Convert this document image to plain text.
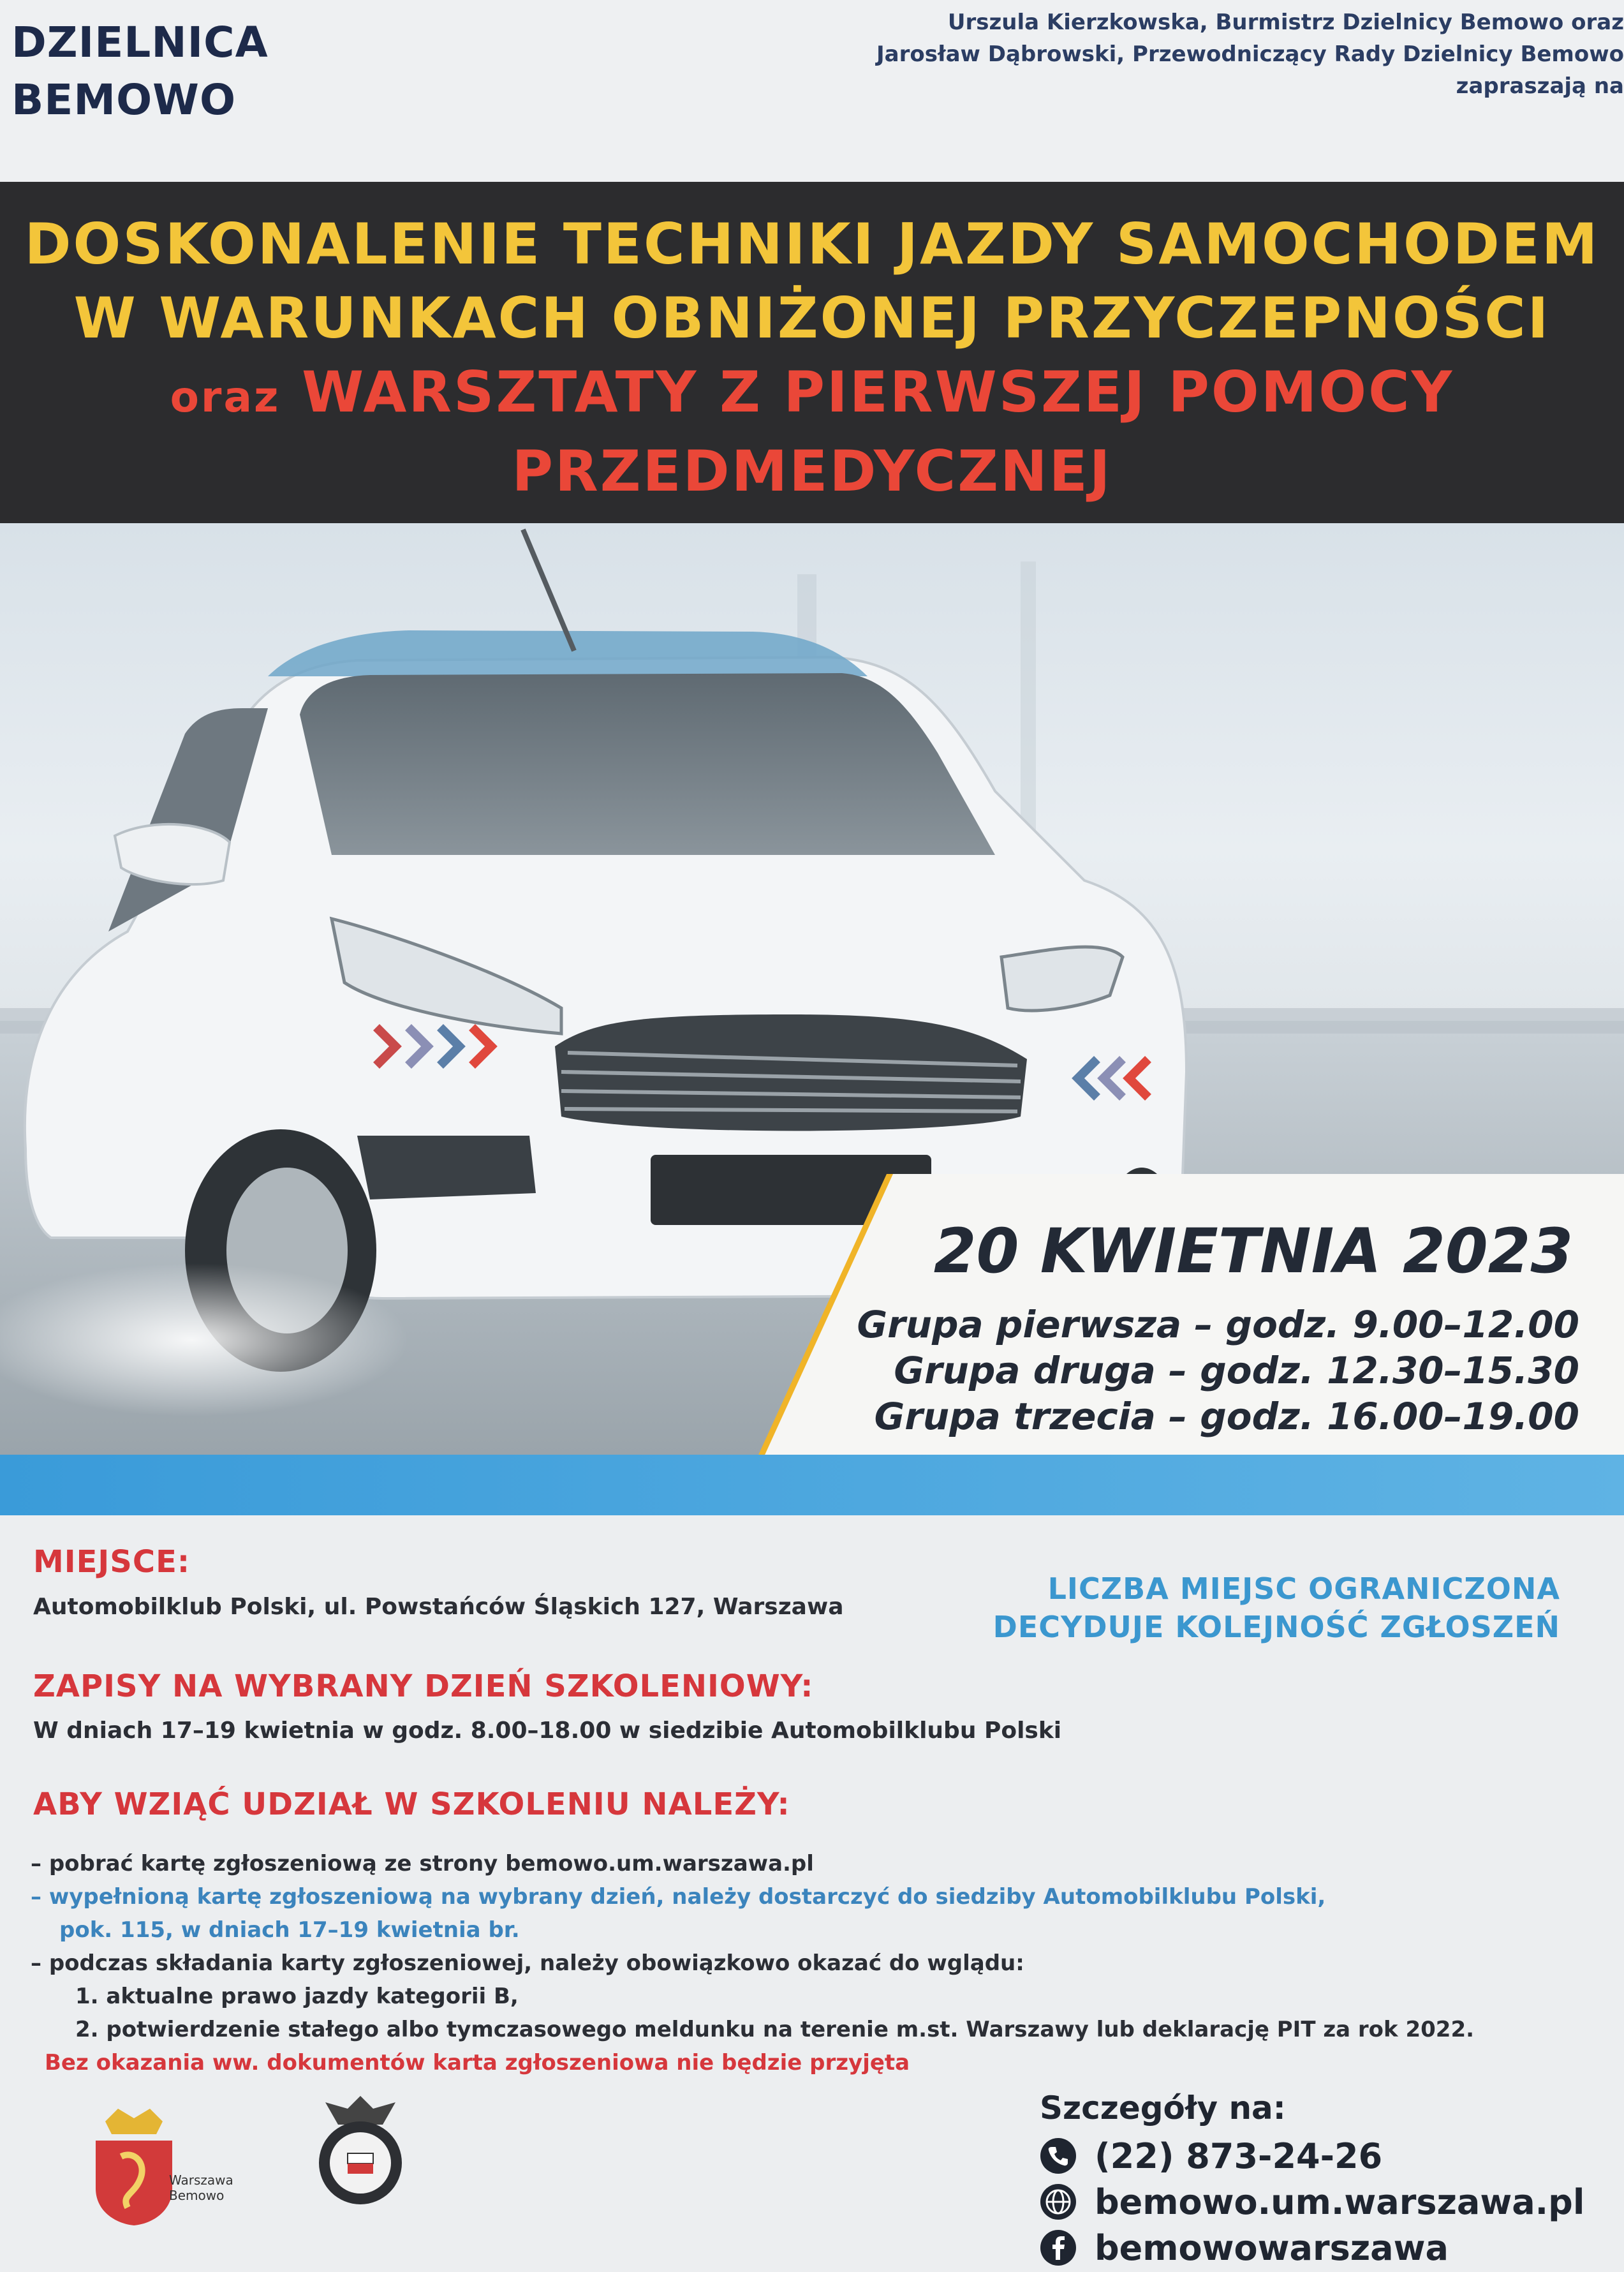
DZIELNICA
BEMOWO
Urszula Kierzkowska, Burmistrz Dzielnicy Bemowo oraz
Jarosław Dąbrowski, Przewodniczący Rady Dzielnicy Bemowo
zapraszają na
DOSKONALENIE TECHNIKI JAZDY SAMOCHODEM
W WARUNKACH OBNIŻONEJ PRZYCZEPNOŚCI
oraz WARSZTATY Z PIERWSZEJ POMOCY
PRZEDMEDYCZNEJ
20 KWIETNIA 2023
Grupa pierwsza – godz. 9.00–12.00
Grupa druga – godz. 12.30–15.30
Grupa trzecia – godz. 16.00–19.00
MIEJSCE:
Automobilklub Polski, ul. Powstańców Śląskich 127, Warszawa
LICZBA MIEJSC OGRANICZONA
DECYDUJE KOLEJNOŚĆ ZGŁOSZEŃ
ZAPISY NA WYBRANY DZIEŃ SZKOLENIOWY:
W dniach 17–19 kwietnia w godz. 8.00–18.00 w siedzibie Automobilklubu Polski
ABY WZIĄĆ UDZIAŁ W SZKOLENIU NALEŻY:
– pobrać kartę zgłoszeniową ze strony bemowo.um.warszawa.pl
– wypełnioną kartę zgłoszeniową na wybrany dzień, należy dostarczyć do siedziby Automobilklubu Polski,
pok. 115, w dniach 17–19 kwietnia br.
– podczas składania karty zgłoszeniowej, należy obowiązkowo okazać do wglądu:
1. aktualne prawo jazdy kategorii B,
2. potwierdzenie stałego albo tymczasowego meldunku na terenie m.st. Warszawy lub deklarację PIT za rok 2022.
Bez okazania ww. dokumentów karta zgłoszeniowa nie będzie przyjęta
Warszawa
Bemowo
Szczegóły na:
(22) 873-24-26
bemowo.um.warszawa.pl
bemowowarszawa
